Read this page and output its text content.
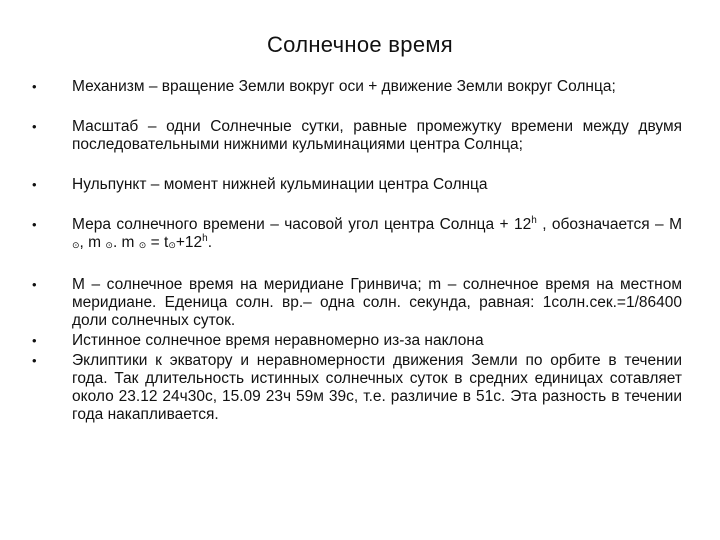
Солнечное время
• Механизм – вращение Земли вокруг оси + движение Земли вокруг Солнца;
• Масштаб – одни Солнечные сутки, равные промежутку времени между двумя последовательными нижними кульминациями центра Солнца;
• Нульпункт – момент нижней кульминации центра Солнца
• Мера солнечного времени – часовой угол центра Солнца + $12^h$ , обозначается – М ⊙, m ⊙. m ⊙ = $t⊙+12^h$.
• M – солнечное время на меридиане Гринвича; m – солнечное время на местном меридиане. Еденица солн. вр.– одна солн. секунда, равная: 1солн.сек.=1/86400 доли солнечных суток.
• Истинное солнечное время неравномерно из-за наклона
• Эклиптики к экватору и неравномерности движения Земли по орбите в течении года. Так длительность истинных солнечных суток в средних единицах сотавляет около 23.12 24ч30с, 15.09 23ч 59м 39с, т.е. различие в 51с. Эта разность в течении года накапливается.
